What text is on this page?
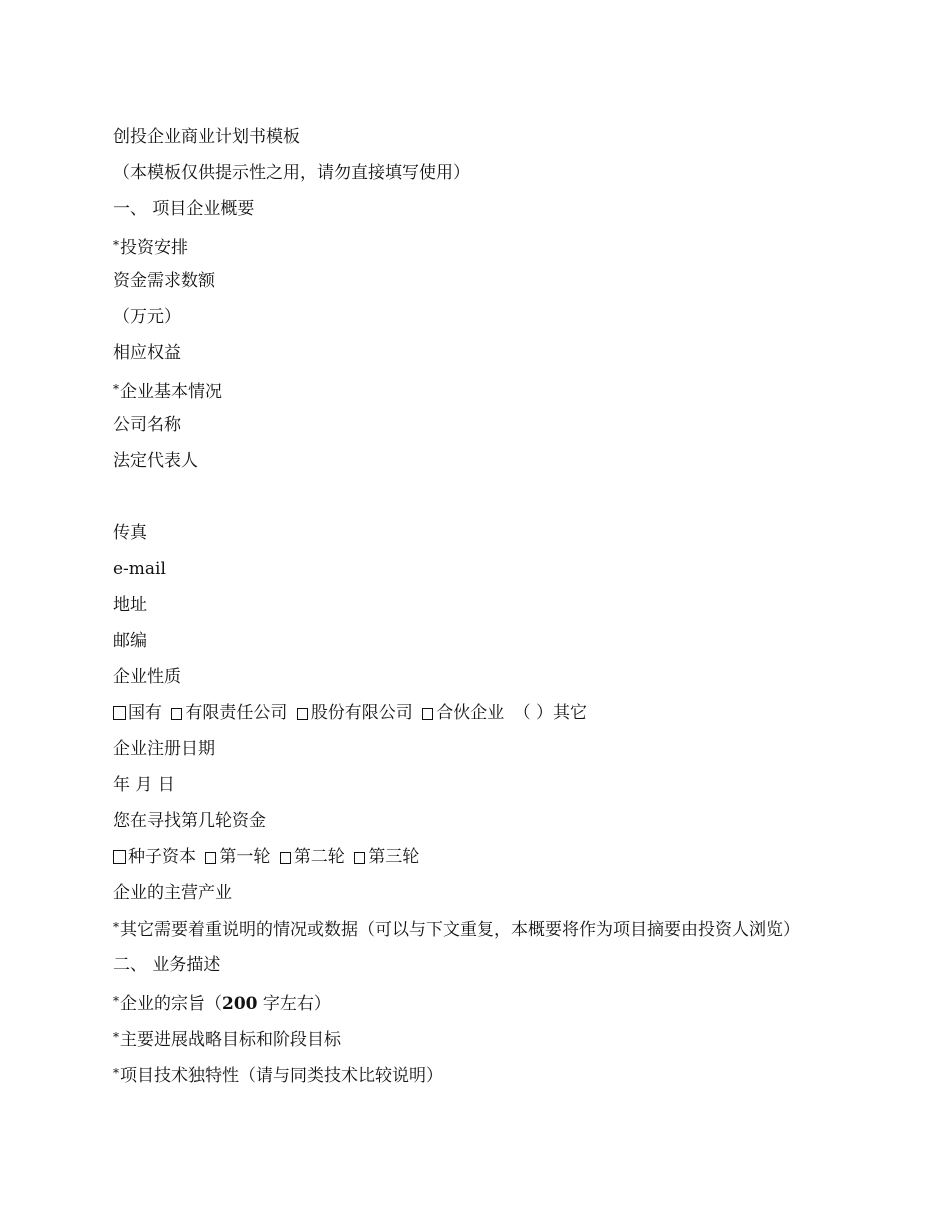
创投企业商业计划书模板
（本模板仅供提示性之用，请勿直接填写使用）
一、 项目企业概要
*投资安排
资金需求数额
（万元）
相应权益
*企业基本情况
公司名称
法定代表人
传真
e-mail
地址
邮编
企业性质
国有 有限责任公司 股份有限公司 合伙企业 （ ）其它
企业注册日期
年 月 日
您在寻找第几轮资金
种子资本 第一轮 第二轮 第三轮
企业的主营产业
*其它需要着重说明的情况或数据（可以与下文重复，本概要将作为项目摘要由投资人浏览）
二、 业务描述
*企业的宗旨（200 字左右）
*主要进展战略目标和阶段目标
*项目技术独特性（请与同类技术比较说明）
